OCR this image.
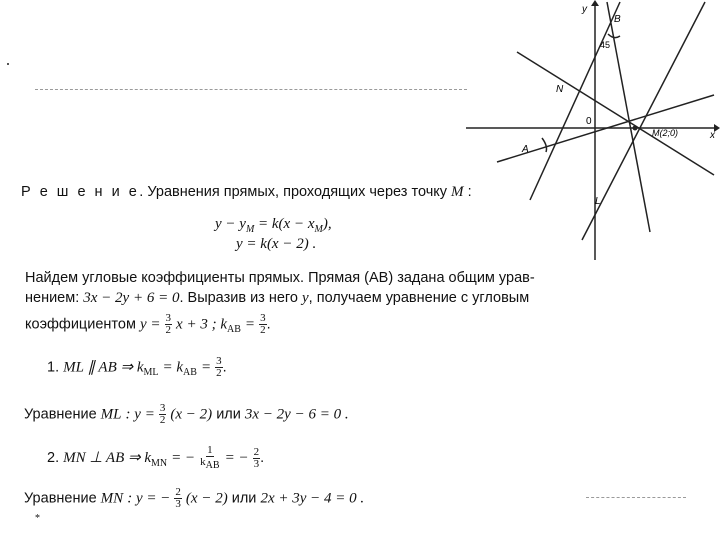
*
y
x
0
A
B
N
M(2;0)
L
45
Р е ш е н и е. Уравнения прямых, проходящих через точку M :
$y - y_M = k(x - x_M)$,
y = k(x − 2) .
Найдем угловые коэффициенты прямых. Прямая (AB) задана общим урав-
нением: 3x − 2y + 6 = 0. Выразив из него y, получаем уравнение с угловым
коэффициентом $y = \frac{3}{2}$ x + 3 ; $k_{AB} = \frac{3}{2}$ .
1. ML ∥ AB ⇒ $k_{ML} = k_{AB} = \frac{3}{2}$ .
Уравнение ML : $y = \frac{3}{2} (x - 2)$ или 3x − 2y − 6 = 0 .
2. MN ⊥ AB ⇒ $k_{MN}$ = − $\frac{1}{k_{AB}}$ = − $\frac{2}{3}$ .
Уравнение MN : y = − $\frac{2}{3} (x - 2)$ или 2x + 3y − 4 = 0 .
